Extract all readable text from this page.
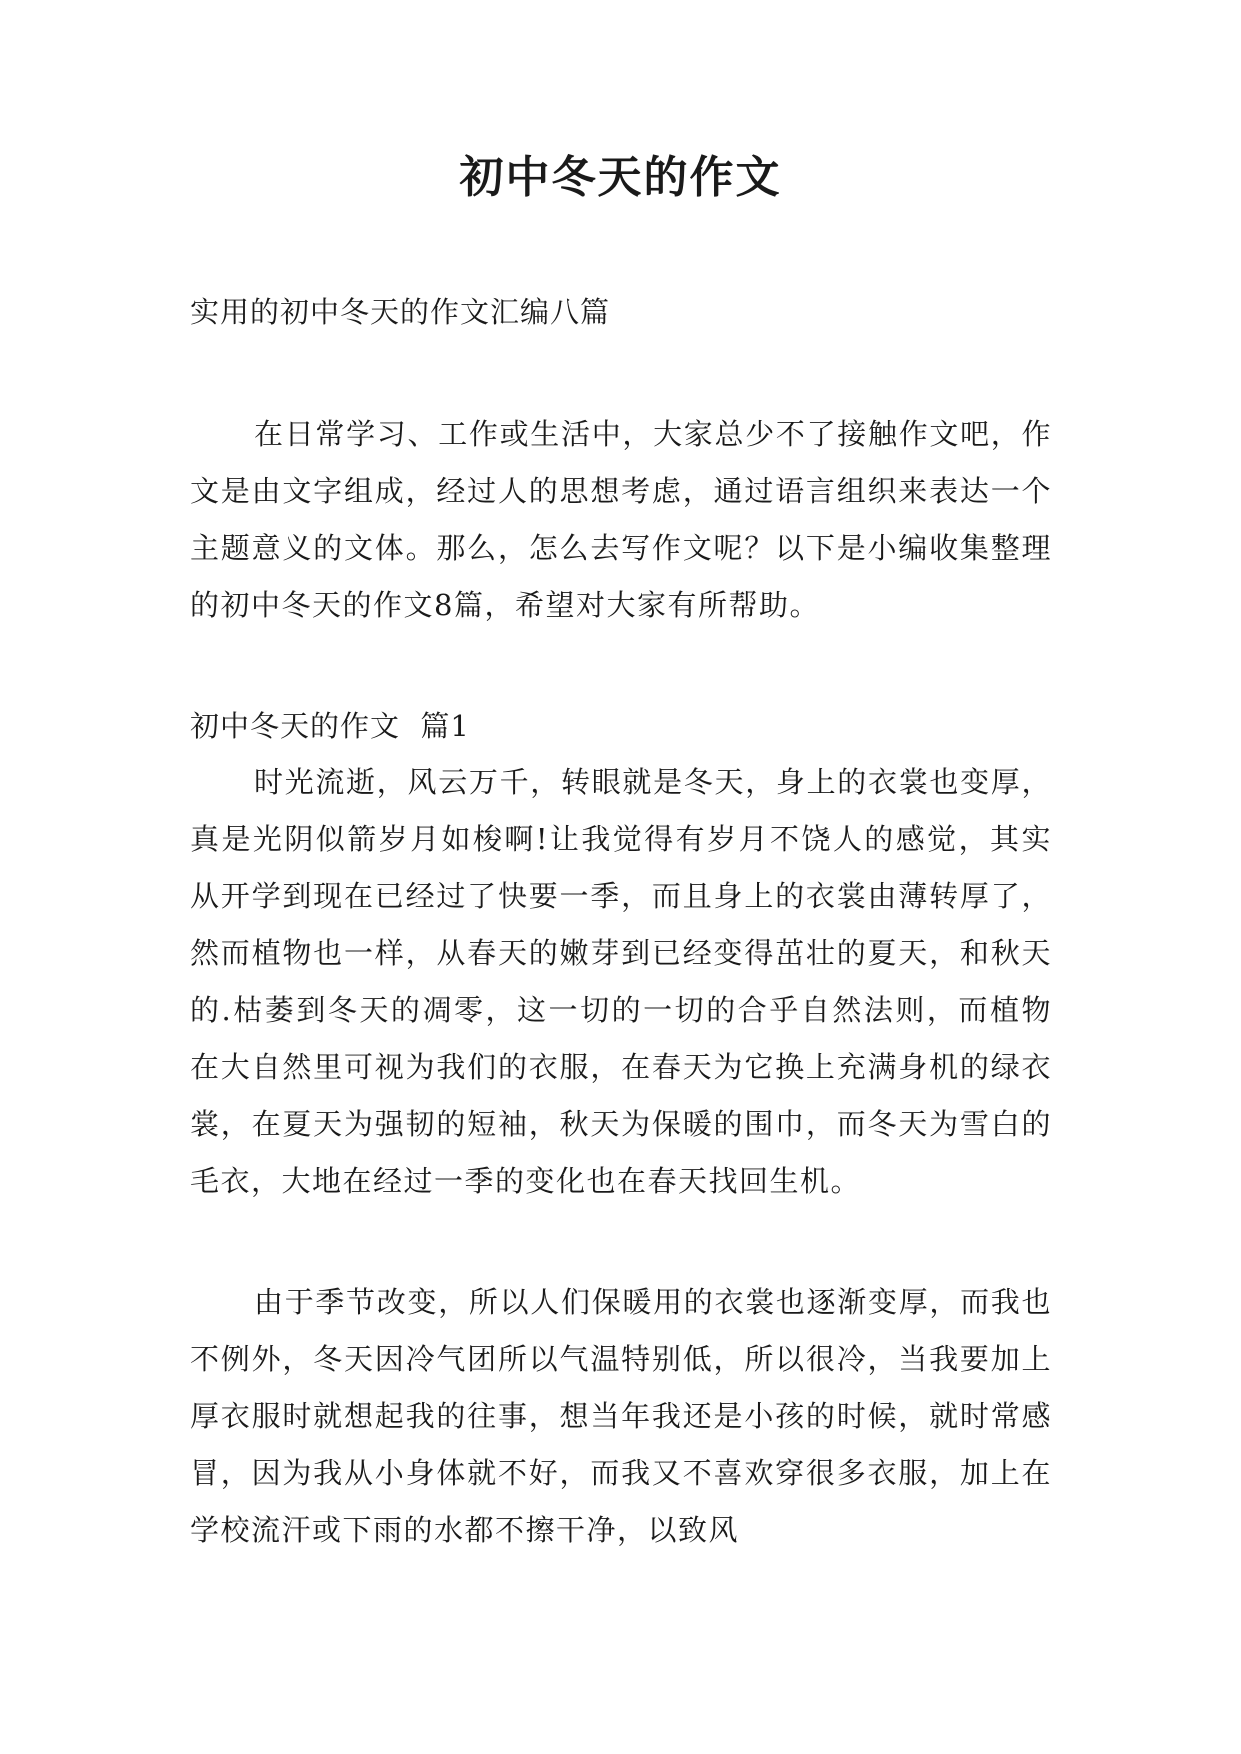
初中冬天的作文

实用的初中冬天的作文汇编八篇

在日常学习、工作或生活中，大家总少不了接触作文吧，作文是由文字组成，经过人的思想考虑，通过语言组织来表达一个主题意义的文体。那么，怎么去写作文呢？以下是小编收集整理的初中冬天的作文8篇，希望对大家有所帮助。

初中冬天的作文  篇1

时光流逝，风云万千，转眼就是冬天，身上的衣裳也变厚，真是光阴似箭岁月如梭啊!让我觉得有岁月不饶人的感觉，其实从开学到现在已经过了快要一季，而且身上的衣裳由薄转厚了，然而植物也一样，从春天的嫩芽到已经变得茁壮的夏天，和秋天的.枯萎到冬天的凋零，这一切的一切的合乎自然法则，而植物在大自然里可视为我们的衣服，在春天为它换上充满身机的绿衣裳，在夏天为强韧的短袖，秋天为保暖的围巾，而冬天为雪白的毛衣，大地在经过一季的变化也在春天找回生机。

由于季节改变，所以人们保暖用的衣裳也逐渐变厚，而我也不例外，冬天因冷气团所以气温特别低，所以很冷，当我要加上厚衣服时就想起我的往事，想当年我还是小孩的时候，就时常感冒，因为我从小身体就不好，而我又不喜欢穿很多衣服，加上在学校流汗或下雨的水都不擦干净，以致风
